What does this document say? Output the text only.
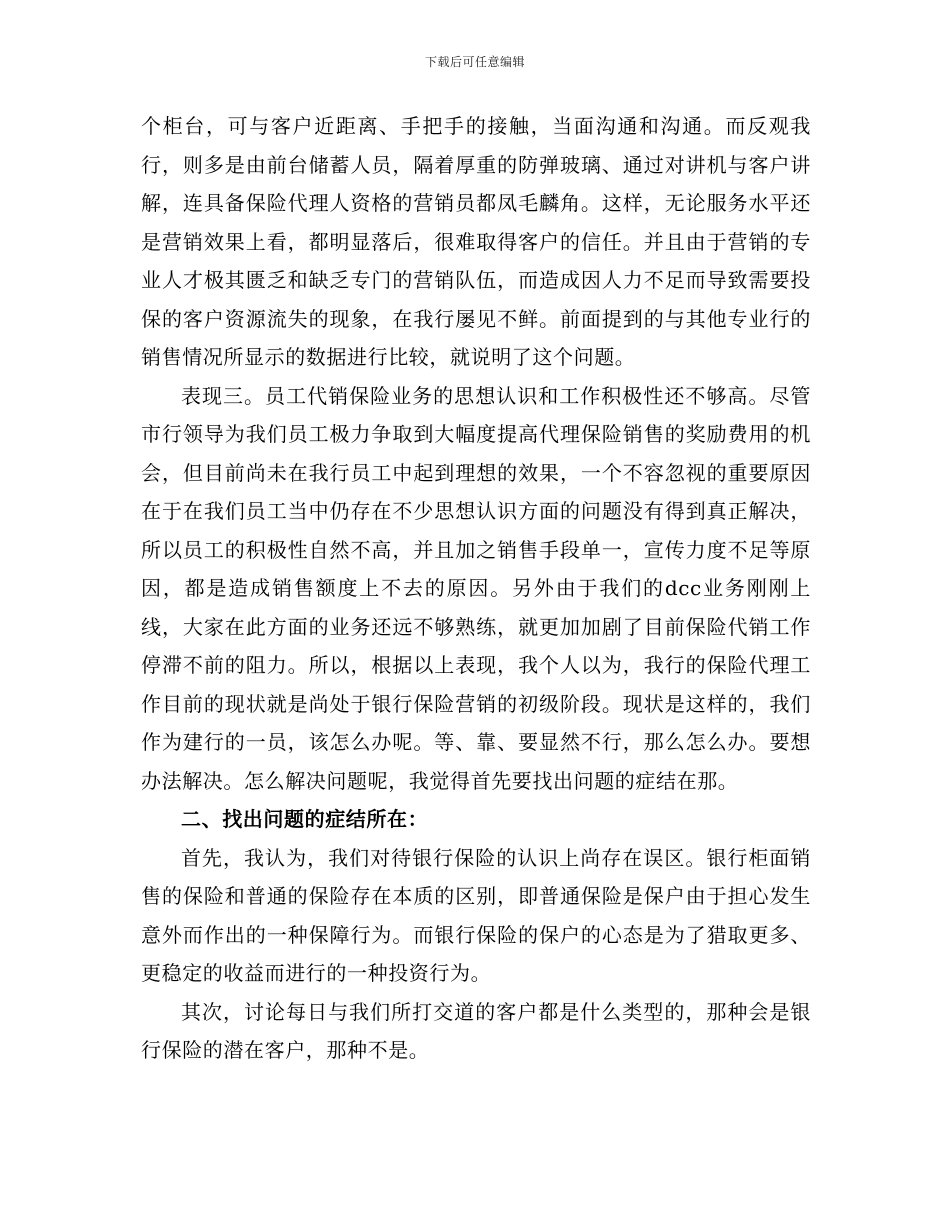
下载后可任意编辑

个柜台，可与客户近距离、手把手的接触，当面沟通和沟通。而反观我行，则多是由前台储蓄人员，隔着厚重的防弹玻璃、通过对讲机与客户讲解，连具备保险代理人资格的营销员都凤毛麟角。这样，无论服务水平还是营销效果上看，都明显落后，很难取得客户的信任。并且由于营销的专业人才极其匮乏和缺乏专门的营销队伍，而造成因人力不足而导致需要投保的客户资源流失的现象，在我行屡见不鲜。前面提到的与其他专业行的销售情况所显示的数据进行比较，就说明了这个问题。

表现三。员工代销保险业务的思想认识和工作积极性还不够高。尽管市行领导为我们员工极力争取到大幅度提高代理保险销售的奖励费用的机会，但目前尚未在我行员工中起到理想的效果，一个不容忽视的重要原因在于在我们员工当中仍存在不少思想认识方面的问题没有得到真正解决，所以员工的积极性自然不高，并且加之销售手段单一，宣传力度不足等原因，都是造成销售额度上不去的原因。另外由于我们的dcc业务刚刚上线，大家在此方面的业务还远不够熟练，就更加加剧了目前保险代销工作停滞不前的阻力。所以，根据以上表现，我个人以为，我行的保险代理工作目前的现状就是尚处于银行保险营销的初级阶段。现状是这样的，我们作为建行的一员，该怎么办呢。等、靠、要显然不行，那么怎么办。要想办法解决。怎么解决问题呢，我觉得首先要找出问题的症结在那。

二、找出问题的症结所在：

首先，我认为，我们对待银行保险的认识上尚存在误区。银行柜面销售的保险和普通的保险存在本质的区别，即普通保险是保户由于担心发生意外而作出的一种保障行为。而银行保险的保户的心态是为了猎取更多、更稳定的收益而进行的一种投资行为。

其次，讨论每日与我们所打交道的客户都是什么类型的，那种会是银行保险的潜在客户，那种不是。
